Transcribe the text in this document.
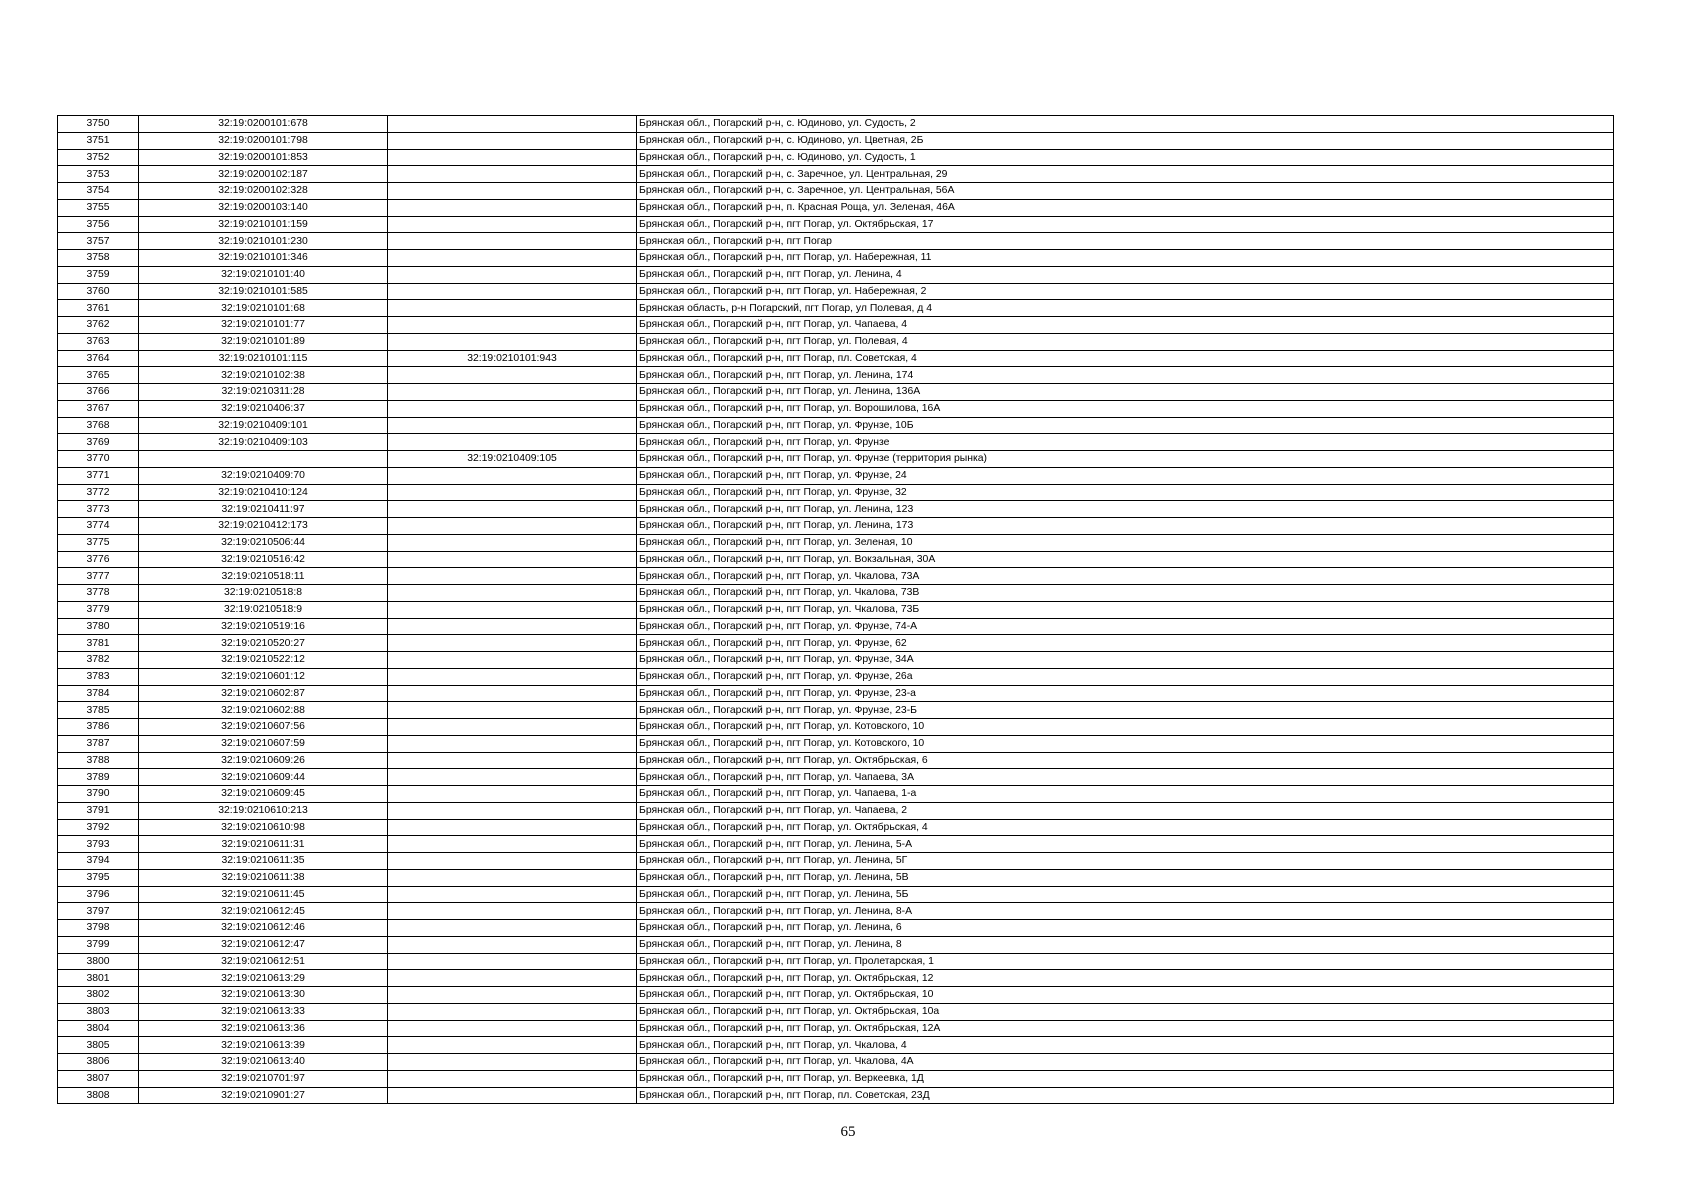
3750	32:19:0200101:678		Брянская обл., Погарский р-н, с. Юдиново, ул. Судость, 2
3751	32:19:0200101:798		Брянская обл., Погарский р-н, с. Юдиново, ул. Цветная, 2Б
3752	32:19:0200101:853		Брянская обл., Погарский р-н, с. Юдиново, ул. Судость, 1
3753	32:19:0200102:187		Брянская обл., Погарский р-н, с. Заречное, ул. Центральная, 29
3754	32:19:0200102:328		Брянская обл., Погарский р-н, с. Заречное, ул. Центральная, 56А
3755	32:19:0200103:140		Брянская обл., Погарский р-н, п. Красная Роща, ул. Зеленая, 46А
3756	32:19:0210101:159		Брянская обл., Погарский р-н, пгт Погар, ул. Октябрьская, 17
3757	32:19:0210101:230		Брянская обл., Погарский р-н, пгт Погар
3758	32:19:0210101:346		Брянская обл., Погарский р-н, пгт Погар, ул. Набережная, 11
3759	32:19:0210101:40		Брянская обл., Погарский р-н, пгт Погар, ул. Ленина, 4
3760	32:19:0210101:585		Брянская обл., Погарский р-н, пгт Погар, ул. Набережная, 2
3761	32:19:0210101:68		Брянская область, р-н Погарский, пгт Погар, ул Полевая, д 4
3762	32:19:0210101:77		Брянская обл., Погарский р-н, пгт Погар, ул. Чапаева, 4
3763	32:19:0210101:89		Брянская обл., Погарский р-н, пгт Погар, ул. Полевая, 4
3764	32:19:0210101:115	32:19:0210101:943	Брянская обл., Погарский р-н, пгт Погар, пл. Советская, 4
3765	32:19:0210102:38		Брянская обл., Погарский р-н, пгт Погар, ул. Ленина, 174
3766	32:19:0210311:28		Брянская обл., Погарский р-н, пгт Погар, ул. Ленина, 136А
3767	32:19:0210406:37		Брянская обл., Погарский р-н, пгт Погар, ул. Ворошилова, 16А
3768	32:19:0210409:101		Брянская обл., Погарский р-н, пгт Погар, ул. Фрунзе, 10Б
3769	32:19:0210409:103		Брянская обл., Погарский р-н, пгт Погар, ул. Фрунзе
3770		32:19:0210409:105	Брянская обл., Погарский р-н, пгт Погар, ул. Фрунзе (территория рынка)
3771	32:19:0210409:70		Брянская обл., Погарский р-н, пгт Погар, ул. Фрунзе, 24
3772	32:19:0210410:124		Брянская обл., Погарский р-н, пгт Погар, ул. Фрунзе, 32
3773	32:19:0210411:97		Брянская обл., Погарский р-н, пгт Погар, ул. Ленина, 123
3774	32:19:0210412:173		Брянская обл., Погарский р-н, пгт Погар, ул. Ленина, 173
3775	32:19:0210506:44		Брянская обл., Погарский р-н, пгт Погар, ул. Зеленая, 10
3776	32:19:0210516:42		Брянская обл., Погарский р-н, пгт Погар, ул. Вокзальная, 30А
3777	32:19:0210518:11		Брянская обл., Погарский р-н, пгт Погар, ул. Чкалова, 73А
3778	32:19:0210518:8		Брянская обл., Погарский р-н, пгт Погар, ул. Чкалова, 73В
3779	32:19:0210518:9		Брянская обл., Погарский р-н, пгт Погар, ул. Чкалова, 73Б
3780	32:19:0210519:16		Брянская обл., Погарский р-н, пгт Погар, ул. Фрунзе, 74-А
3781	32:19:0210520:27		Брянская обл., Погарский р-н, пгт Погар, ул. Фрунзе, 62
3782	32:19:0210522:12		Брянская обл., Погарский р-н, пгт Погар, ул. Фрунзе, 34А
3783	32:19:0210601:12		Брянская обл., Погарский р-н, пгт Погар, ул. Фрунзе, 26а
3784	32:19:0210602:87		Брянская обл., Погарский р-н, пгт Погар, ул. Фрунзе, 23-а
3785	32:19:0210602:88		Брянская обл., Погарский р-н, пгт Погар, ул. Фрунзе, 23-Б
3786	32:19:0210607:56		Брянская обл., Погарский р-н, пгт Погар, ул. Котовского, 10
3787	32:19:0210607:59		Брянская обл., Погарский р-н, пгт Погар, ул. Котовского, 10
3788	32:19:0210609:26		Брянская обл., Погарский р-н, пгт Погар, ул. Октябрьская, 6
3789	32:19:0210609:44		Брянская обл., Погарский р-н, пгт Погар, ул. Чапаева, 3А
3790	32:19:0210609:45		Брянская обл., Погарский р-н, пгт Погар, ул. Чапаева, 1-а
3791	32:19:0210610:213		Брянская обл., Погарский р-н, пгт Погар, ул. Чапаева, 2
3792	32:19:0210610:98		Брянская обл., Погарский р-н, пгт Погар, ул. Октябрьская, 4
3793	32:19:0210611:31		Брянская обл., Погарский р-н, пгт Погар, ул. Ленина, 5-А
3794	32:19:0210611:35		Брянская обл., Погарский р-н, пгт Погар, ул. Ленина, 5Г
3795	32:19:0210611:38		Брянская обл., Погарский р-н, пгт Погар, ул. Ленина, 5В
3796	32:19:0210611:45		Брянская обл., Погарский р-н, пгт Погар, ул. Ленина, 5Б
3797	32:19:0210612:45		Брянская обл., Погарский р-н, пгт Погар, ул. Ленина, 8-А
3798	32:19:0210612:46		Брянская обл., Погарский р-н, пгт Погар, ул. Ленина, 6
3799	32:19:0210612:47		Брянская обл., Погарский р-н, пгт Погар, ул. Ленина, 8
3800	32:19:0210612:51		Брянская обл., Погарский р-н, пгт Погар, ул. Пролетарская, 1
3801	32:19:0210613:29		Брянская обл., Погарский р-н, пгт Погар, ул. Октябрьская, 12
3802	32:19:0210613:30		Брянская обл., Погарский р-н, пгт Погар, ул. Октябрьская, 10
3803	32:19:0210613:33		Брянская обл., Погарский р-н, пгт Погар, ул. Октябрьская, 10а
3804	32:19:0210613:36		Брянская обл., Погарский р-н, пгт Погар, ул. Октябрьская, 12А
3805	32:19:0210613:39		Брянская обл., Погарский р-н, пгт Погар, ул. Чкалова, 4
3806	32:19:0210613:40		Брянская обл., Погарский р-н, пгт Погар, ул. Чкалова, 4А
3807	32:19:0210701:97		Брянская обл., Погарский р-н, пгт Погар, ул. Веркеевка, 1Д
3808	32:19:0210901:27		Брянская обл., Погарский р-н, пгт Погар, пл. Советская, 23Д
65
